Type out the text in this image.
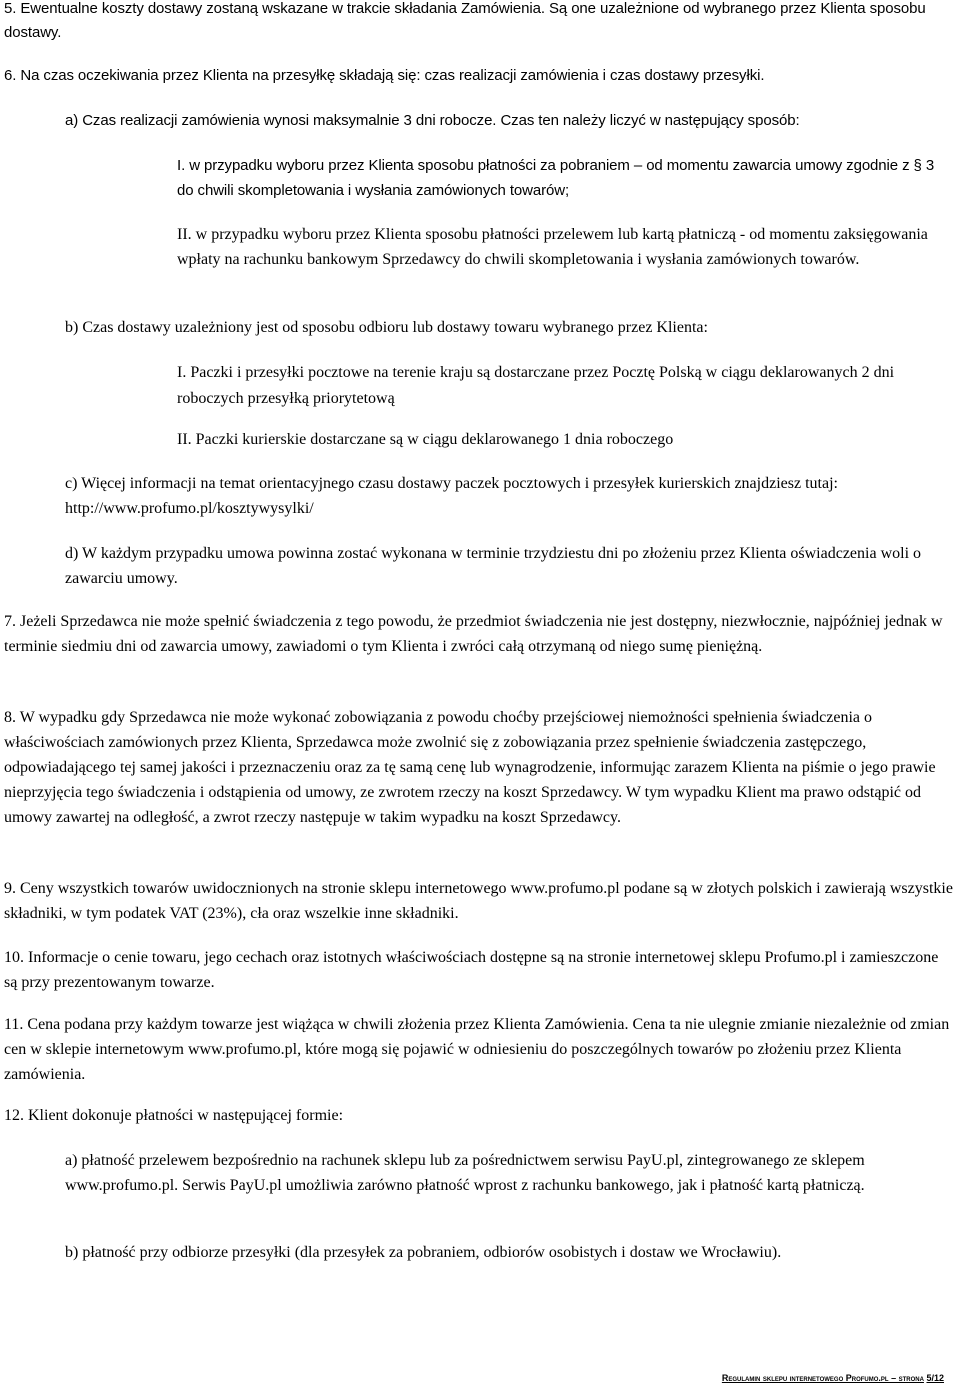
5. Ewentualne koszty dostawy zostaną wskazane w trakcie składania Zamówienia. Są one uzależnione od wybranego przez Klienta sposobu dostawy.

6. Na czas oczekiwania przez Klienta na przesyłkę składają się: czas realizacji zamówienia i czas dostawy przesyłki.

a) Czas realizacji zamówienia wynosi maksymalnie 3 dni robocze. Czas ten należy liczyć w następujący sposób:

I. w przypadku wyboru przez Klienta sposobu płatności za pobraniem – od momentu zawarcia umowy zgodnie z § 3 do chwili skompletowania i wysłania zamówionych towarów;

II. w przypadku wyboru przez Klienta sposobu płatności przelewem lub kartą płatniczą - od momentu zaksięgowania wpłaty na rachunku bankowym Sprzedawcy do chwili skompletowania i wysłania zamówionych towarów.

b) Czas dostawy uzależniony jest od sposobu odbioru lub dostawy towaru wybranego przez Klienta:

I. Paczki i przesyłki pocztowe na terenie kraju są dostarczane przez Pocztę Polską w ciągu deklarowanych 2 dni roboczych przesyłką priorytetową

II. Paczki kurierskie dostarczane są w ciągu deklarowanego 1 dnia roboczego

c) Więcej informacji na temat orientacyjnego czasu dostawy paczek pocztowych i przesyłek kurierskich znajdziesz tutaj: http://www.profumo.pl/kosztywysylki/

d) W każdym przypadku umowa powinna zostać wykonana w terminie trzydziestu dni po złożeniu przez Klienta oświadczenia woli o zawarciu umowy.

7. Jeżeli Sprzedawca nie może spełnić świadczenia z tego powodu, że przedmiot świadczenia nie jest dostępny, niezwłocznie, najpóźniej jednak w terminie siedmiu dni od zawarcia umowy, zawiadomi o tym Klienta i zwróci całą otrzymaną od niego sumę pieniężną.

8. W wypadku gdy Sprzedawca nie może wykonać zobowiązania z powodu choćby przejściowej niemożności spełnienia świadczenia o właściwościach zamówionych przez Klienta, Sprzedawca może zwolnić się z zobowiązania przez spełnienie świadczenia zastępczego, odpowiadającego tej samej jakości i przeznaczeniu oraz za tę samą cenę lub wynagrodzenie, informując zarazem Klienta na piśmie o jego prawie nieprzyjęcia tego świadczenia i odstąpienia od umowy, ze zwrotem rzeczy na koszt Sprzedawcy. W tym wypadku Klient ma prawo odstąpić od umowy zawartej na odległość, a zwrot rzeczy następuje w takim wypadku na koszt Sprzedawcy.

9. Ceny wszystkich towarów uwidocznionych na stronie sklepu internetowego www.profumo.pl podane są w złotych polskich i zawierają wszystkie składniki, w tym podatek VAT (23%), cła oraz wszelkie inne składniki.

10. Informacje o cenie towaru, jego cechach oraz istotnych właściwościach dostępne są na stronie internetowej sklepu Profumo.pl i zamieszczone są przy prezentowanym towarze.

11. Cena podana przy każdym towarze jest wiążąca w chwili złożenia przez Klienta Zamówienia. Cena ta nie ulegnie zmianie niezależnie od zmian cen w sklepie internetowym www.profumo.pl, które mogą się pojawić w odniesieniu do poszczególnych towarów po złożeniu przez Klienta zamówienia.

12. Klient dokonuje płatności w następującej formie:

a) płatność przelewem bezpośrednio na rachunek sklepu lub za pośrednictwem serwisu PayU.pl, zintegrowanego ze sklepem www.profumo.pl. Serwis PayU.pl umożliwia zarówno płatność wprost z rachunku bankowego, jak i płatność kartą płatniczą.

b) płatność przy odbiorze przesyłki (dla przesyłek za pobraniem, odbiorów osobistych i dostaw we Wrocławiu).

Regulamin sklepu internetowego Profumo.pl – strona 5/12
